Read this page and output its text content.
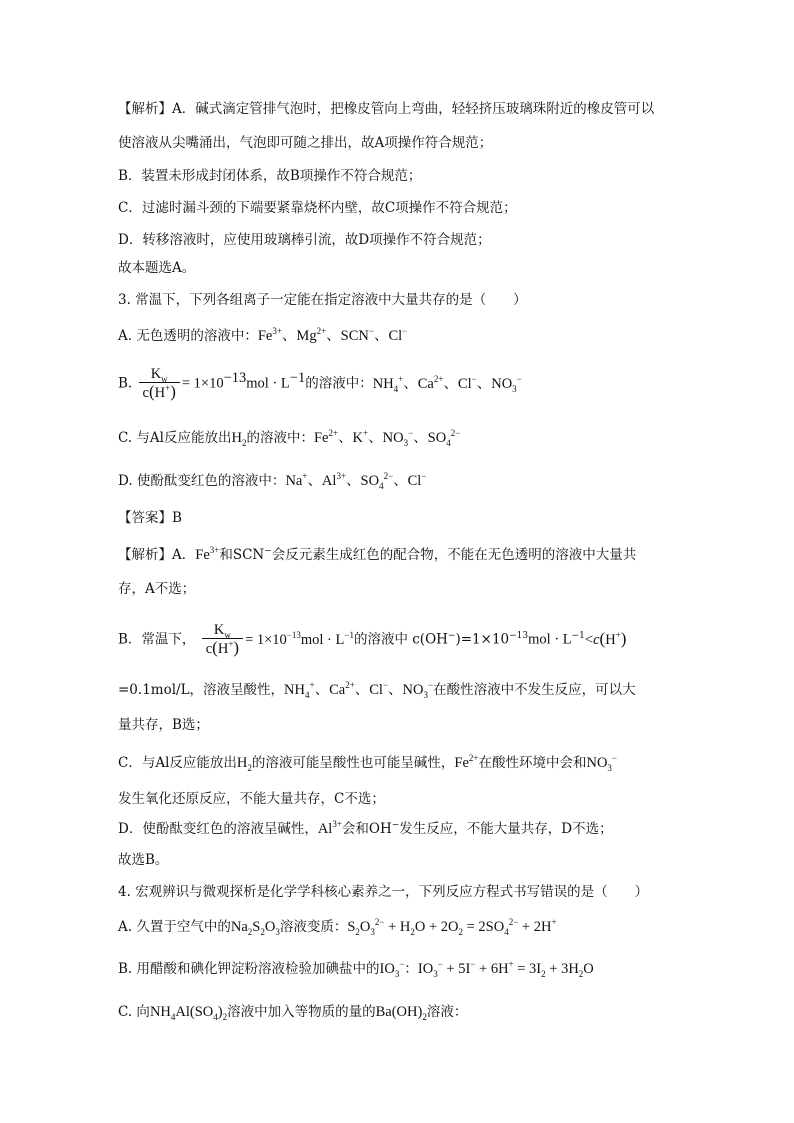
【解析】A．碱式滴定管排气泡时，把橡皮管向上弯曲，轻轻挤压玻璃珠附近的橡皮管可以
使溶液从尖嘴涌出，气泡即可随之排出，故A项操作符合规范；
B．装置未形成封闭体系，故B项操作不符合规范；
C．过滤时漏斗颈的下端要紧靠烧杯内壁，故C项操作不符合规范；
D．转移溶液时，应使用玻璃棒引流，故D项操作不符合规范；
故本题选A。
3. 常温下，下列各组离子一定能在指定溶液中大量共存的是（　　）
A. 无色透明的溶液中：$Fe^{3+}$、$Mg^{2+}$、SCN−、Cl−
B. $\frac{K_w}{c(H^+)} = 1\times 10^{-13}mol \cdot L^{-1}$的溶液中：$NH_4^+$、$Ca^{2+}$、Cl−、$NO_3^-$
C. 与Al反应能放出$H_2$的溶液中：$Fe^{2+}$、K+、$NO_3^-$、$SO_4^{2-}$
D. 使酚酞变红色的溶液中：Na+、$Al^{3+}$、$SO_4^{2-}$、Cl−
【答案】B
【解析】A．$Fe^{3+}$和SCN−会反元素生成红色的配合物，不能在无色透明的溶液中大量共
存，A不选；
B．常温下， $\frac{K_w}{c(H^+)} = 1\times 10^{-13}mol \cdot L^{-1}$的溶液中 $c(OH^-)=1\times 10^{-13}mol \cdot L^{-1}<c(H^+)$
=0.1mol/L，溶液呈酸性，$NH_4^+$、$Ca^{2+}$、Cl−、$NO_3^-$在酸性溶液中不发生反应，可以大
量共存，B选；
C．与Al反应能放出$H_2$的溶液可能呈酸性也可能呈碱性，$Fe^{2+}$在酸性环境中会和$NO_3^-$
发生氧化还原反应，不能大量共存，C不选；
D．使酚酞变红色的溶液呈碱性，$Al^{3+}$会和OH−发生反应，不能大量共存，D不选；
故选B。
4. 宏观辨识与微观探析是化学学科核心素养之一，下列反应方程式书写错误的是（　　）
A. 久置于空气中的$Na_2S_2O_3$溶液变质：$S_2O_3^{2-} + H_2O + 2O_2 = 2SO_4^{2-} + 2H^+$
B. 用醋酸和碘化钾淀粉溶液检验加碘盐中的$IO_3^-$：$IO_3^- + 5I^- + 6H^+ = 3I_2 + 3H_2O$
C. 向$NH_4Al(SO_4)_2$溶液中加入等物质的量的$Ba(OH)_2$溶液：
